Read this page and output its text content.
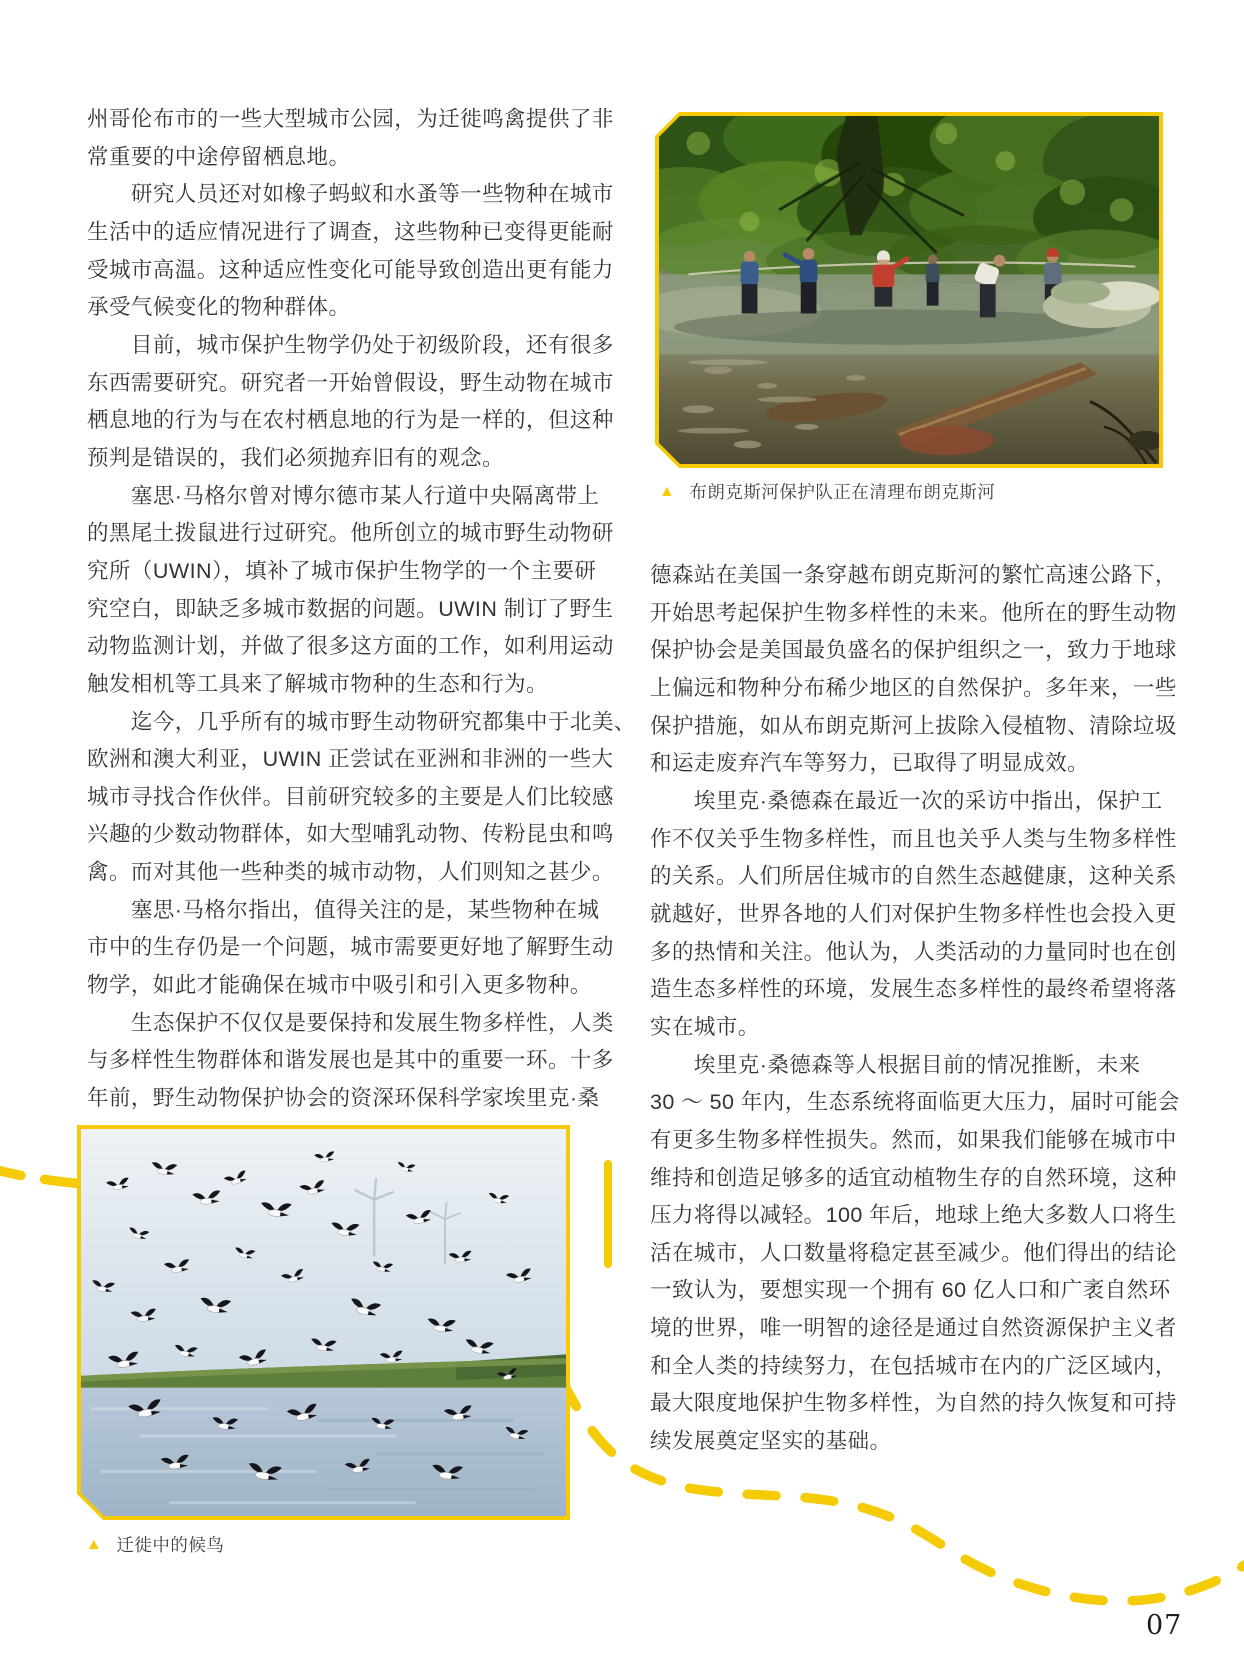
州哥伦布市的一些大型城市公园，为迁徙鸣禽提供了非
常重要的中途停留栖息地。
　　研究人员还对如橡子蚂蚁和水蚤等一些物种在城市
生活中的适应情况进行了调查，这些物种已变得更能耐
受城市高温。这种适应性变化可能导致创造出更有能力
承受气候变化的物种群体。
　　目前，城市保护生物学仍处于初级阶段，还有很多
东西需要研究。研究者一开始曾假设，野生动物在城市
栖息地的行为与在农村栖息地的行为是一样的，但这种
预判是错误的，我们必须抛弃旧有的观念。
　　塞思·马格尔曾对博尔德市某人行道中央隔离带上
的黑尾土拨鼠进行过研究。他所创立的城市野生动物研
究所（UWIN），填补了城市保护生物学的一个主要研
究空白，即缺乏多城市数据的问题。UWIN 制订了野生
动物监测计划，并做了很多这方面的工作，如利用运动
触发相机等工具来了解城市物种的生态和行为。
　　迄今，几乎所有的城市野生动物研究都集中于北美、
欧洲和澳大利亚，UWIN 正尝试在亚洲和非洲的一些大
城市寻找合作伙伴。目前研究较多的主要是人们比较感
兴趣的少数动物群体，如大型哺乳动物、传粉昆虫和鸣
禽。而对其他一些种类的城市动物，人们则知之甚少。
　　塞思·马格尔指出，值得关注的是，某些物种在城
市中的生存仍是一个问题，城市需要更好地了解野生动
物学，如此才能确保在城市中吸引和引入更多物种。
　　生态保护不仅仅是要保持和发展生物多样性，人类
与多样性生物群体和谐发展也是其中的重要一环。十多
年前，野生动物保护协会的资深环保科学家埃里克·桑
德森站在美国一条穿越布朗克斯河的繁忙高速公路下，
开始思考起保护生物多样性的未来。他所在的野生动物
保护协会是美国最负盛名的保护组织之一，致力于地球
上偏远和物种分布稀少地区的自然保护。多年来，一些
保护措施，如从布朗克斯河上拔除入侵植物、清除垃圾
和运走废弃汽车等努力，已取得了明显成效。
　　埃里克·桑德森在最近一次的采访中指出，保护工
作不仅关乎生物多样性，而且也关乎人类与生物多样性
的关系。人们所居住城市的自然生态越健康，这种关系
就越好，世界各地的人们对保护生物多样性也会投入更
多的热情和关注。他认为，人类活动的力量同时也在创
造生态多样性的环境，发展生态多样性的最终希望将落
实在城市。
　　埃里克·桑德森等人根据目前的情况推断，未来
30 ～ 50 年内，生态系统将面临更大压力，届时可能会
有更多生物多样性损失。然而，如果我们能够在城市中
维持和创造足够多的适宜动植物生存的自然环境，这种
压力将得以减轻。100 年后，地球上绝大多数人口将生
活在城市，人口数量将稳定甚至减少。他们得出的结论
一致认为，要想实现一个拥有 60 亿人口和广袤自然环
境的世界，唯一明智的途径是通过自然资源保护主义者
和全人类的持续努力，在包括城市在内的广泛区域内，
最大限度地保护生物多样性，为自然的持久恢复和可持
续发展奠定坚实的基础。
▲ 布朗克斯河保护队正在清理布朗克斯河
▲ 迁徙中的候鸟
07
